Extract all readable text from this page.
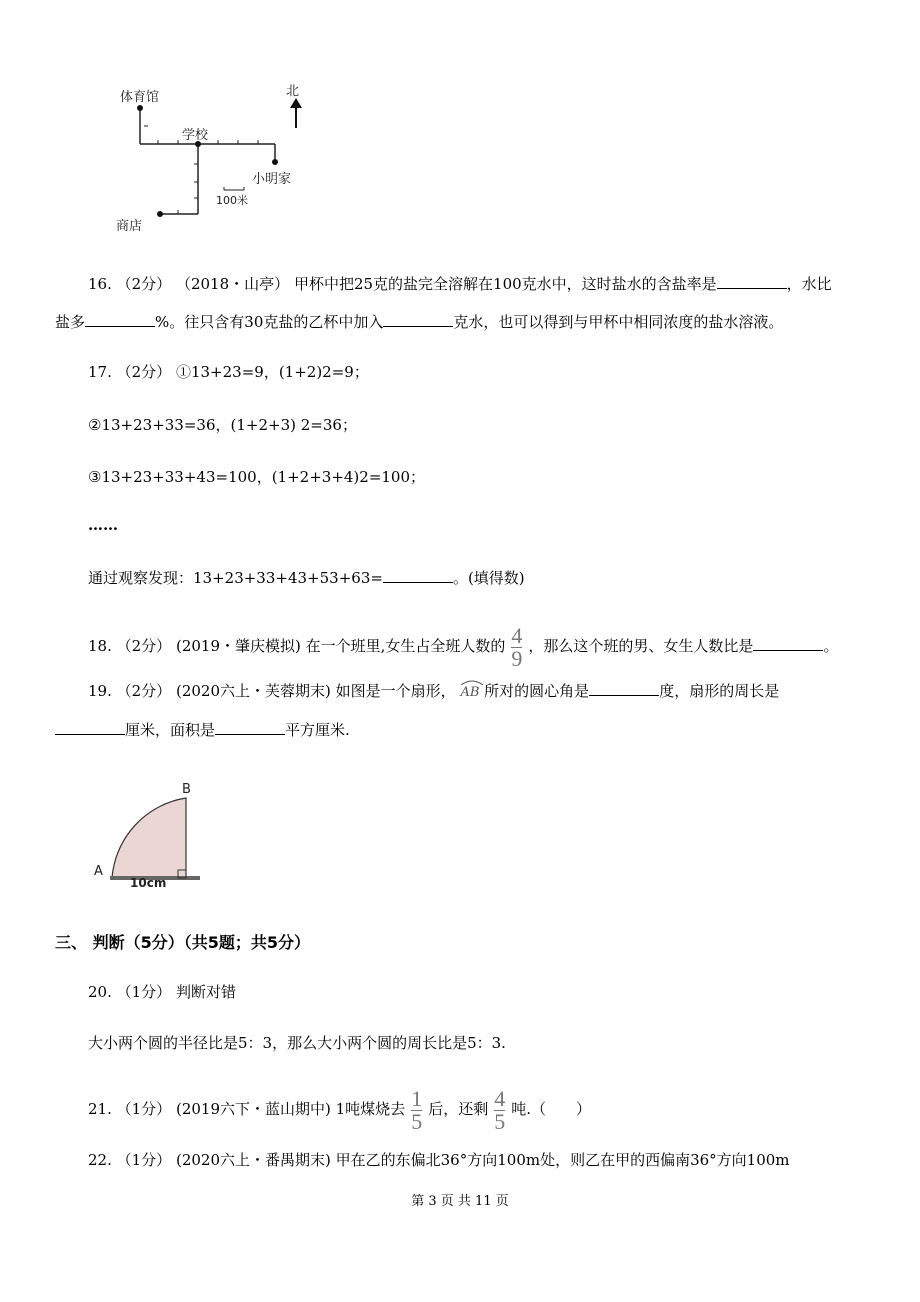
体育馆
学校
小明家
商店
北
100米
16. （2分） （2018・山亭） 甲杯中把25克的盐完全溶解在100克水中，这时盐水的含盐率是	，水比
盐多	%。往只含有30克盐的乙杯中加入	克水，也可以得到与甲杯中相同浓度的盐水溶液。
17. （2分） ①13+23=9，(1+2)2=9；
②13+23+33=36，(1+2+3) 2=36；
③13+23+33+43=100，(1+2+3+4)2=100；
……
通过观察发现：13+23+33+43+53+63=	。(填得数)
18. （2分） (2019・肇庆模拟) 在一个班里,女生占全班人数的 $\frac{4}{9}$ ，那么这个班的男、女生人数比是	。
19. （2分） (2020六上・芙蓉期末) 如图是一个扇形， AB 所对的圆心角是	度，扇形的周长是
厘米，面积是	平方厘米.
A
B
10cm
三、 判断（5分）（共5题；共5分）
20. （1分） 判断对错
大小两个圆的半径比是5：3，那么大小两个圆的周长比是5：3.
21. （1分） (2019六下・蓝山期中) 1吨煤烧去 $\frac{1}{5}$ 后，还剩 $\frac{4}{5}$ 吨.（　　）
22. （1分） (2020六上・番禺期末) 甲在乙的东偏北36°方向100m处，则乙在甲的西偏南36°方向100m
第 3 页 共 11 页
